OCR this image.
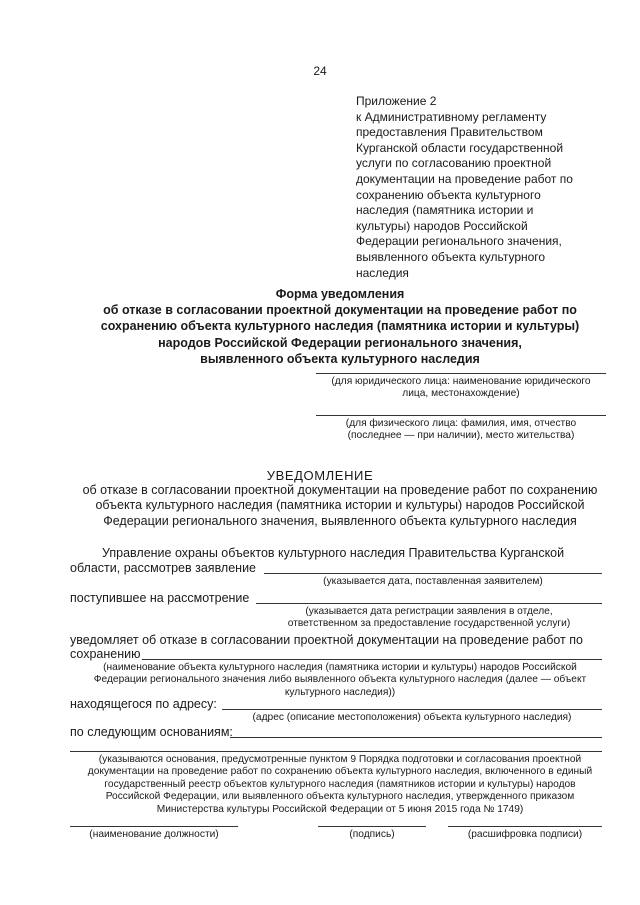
24
Приложение 2
к Административному регламенту
предоставления Правительством
Курганской области государственной
услуги по согласованию проектной
документации на проведение работ по
сохранению объекта культурного
наследия (памятника истории и
культуры) народов Российской
Федерации регионального значения,
выявленного объекта культурного
наследия
Форма уведомления
об отказе в согласовании проектной документации на проведение работ по
сохранению объекта культурного наследия (памятника истории и культуры)
народов Российской Федерации регионального значения,
выявленного объекта культурного наследия
(для юридического лица: наименование юридического
лица, местонахождение)
(для физического лица: фамилия, имя, отчество
(последнее — при наличии), место жительства)
УВЕДОМЛЕНИЕ
об отказе в согласовании проектной документации на проведение работ по сохранению
объекта культурного наследия (памятника истории и культуры) народов Российской
Федерации регионального значения, выявленного объекта культурного наследия
Управление охраны объектов культурного наследия Правительства Курганской
области, рассмотрев заявление
(указывается дата, поставленная заявителем)
поступившее на рассмотрение
(указывается дата регистрации заявления в отделе,
ответственном за предоставление государственной услуги)
уведомляет об отказе в согласовании проектной документации на проведение работ по
сохранению
(наименование объекта культурного наследия (памятника истории и культуры) народов Российской
Федерации регионального значения либо выявленного объекта культурного наследия (далее — объект
культурного наследия))
находящегося по адресу:
(адрес (описание местоположения) объекта культурного наследия)
по следующим основаниям:
(указываются основания, предусмотренные пунктом 9 Порядка подготовки и согласования проектной
документации на проведение работ по сохранению объекта культурного наследия, включенного в единый
государственный реестр объектов культурного наследия (памятников истории и культуры) народов
Российской Федерации, или выявленного объекта культурного наследия, утвержденного приказом
Министерства культуры Российской Федерации от 5 июня 2015 года № 1749)
(наименование должности)	(подпись)	(расшифровка подписи)
